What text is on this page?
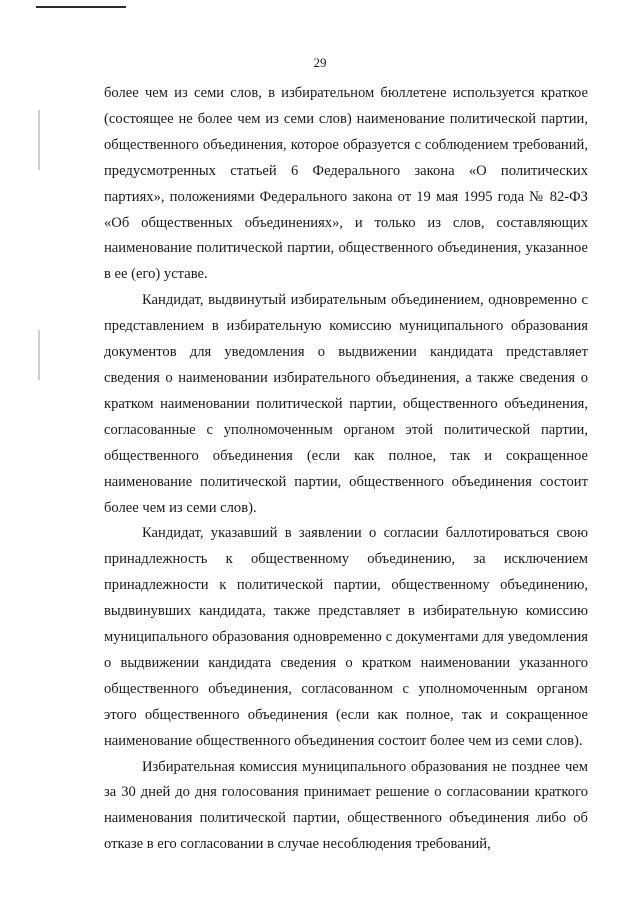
29

более чем из семи слов, в избирательном бюллетене используется краткое (состоящее не более чем из семи слов) наименование политической партии, общественного объединения, которое образуется с соблюдением требований, предусмотренных статьей 6 Федерального закона «О политических партиях», положениями Федерального закона от 19 мая 1995 года № 82-ФЗ «Об общественных объединениях», и только из слов, составляющих наименование политической партии, общественного объединения, указанное в ее (его) уставе.

Кандидат, выдвинутый избирательным объединением, одновременно с представлением в избирательную комиссию муниципального образования документов для уведомления о выдвижении кандидата представляет сведения о наименовании избирательного объединения, а также сведения о кратком наименовании политической партии, общественного объединения, согласованные с уполномоченным органом этой политической партии, общественного объединения (если как полное, так и сокращенное наименование политической партии, общественного объединения состоит более чем из семи слов).

Кандидат, указавший в заявлении о согласии баллотироваться свою принадлежность к общественному объединению, за исключением принадлежности к политической партии, общественному объединению, выдвинувших кандидата, также представляет в избирательную комиссию муниципального образования одновременно с документами для уведомления о выдвижении кандидата сведения о кратком наименовании указанного общественного объединения, согласованном с уполномоченным органом этого общественного объединения (если как полное, так и сокращенное наименование общественного объединения состоит более чем из семи слов).

Избирательная комиссия муниципального образования не позднее чем за 30 дней до дня голосования принимает решение о согласовании краткого наименования политической партии, общественного объединения либо об отказе в его согласовании в случае несоблюдения требований,
